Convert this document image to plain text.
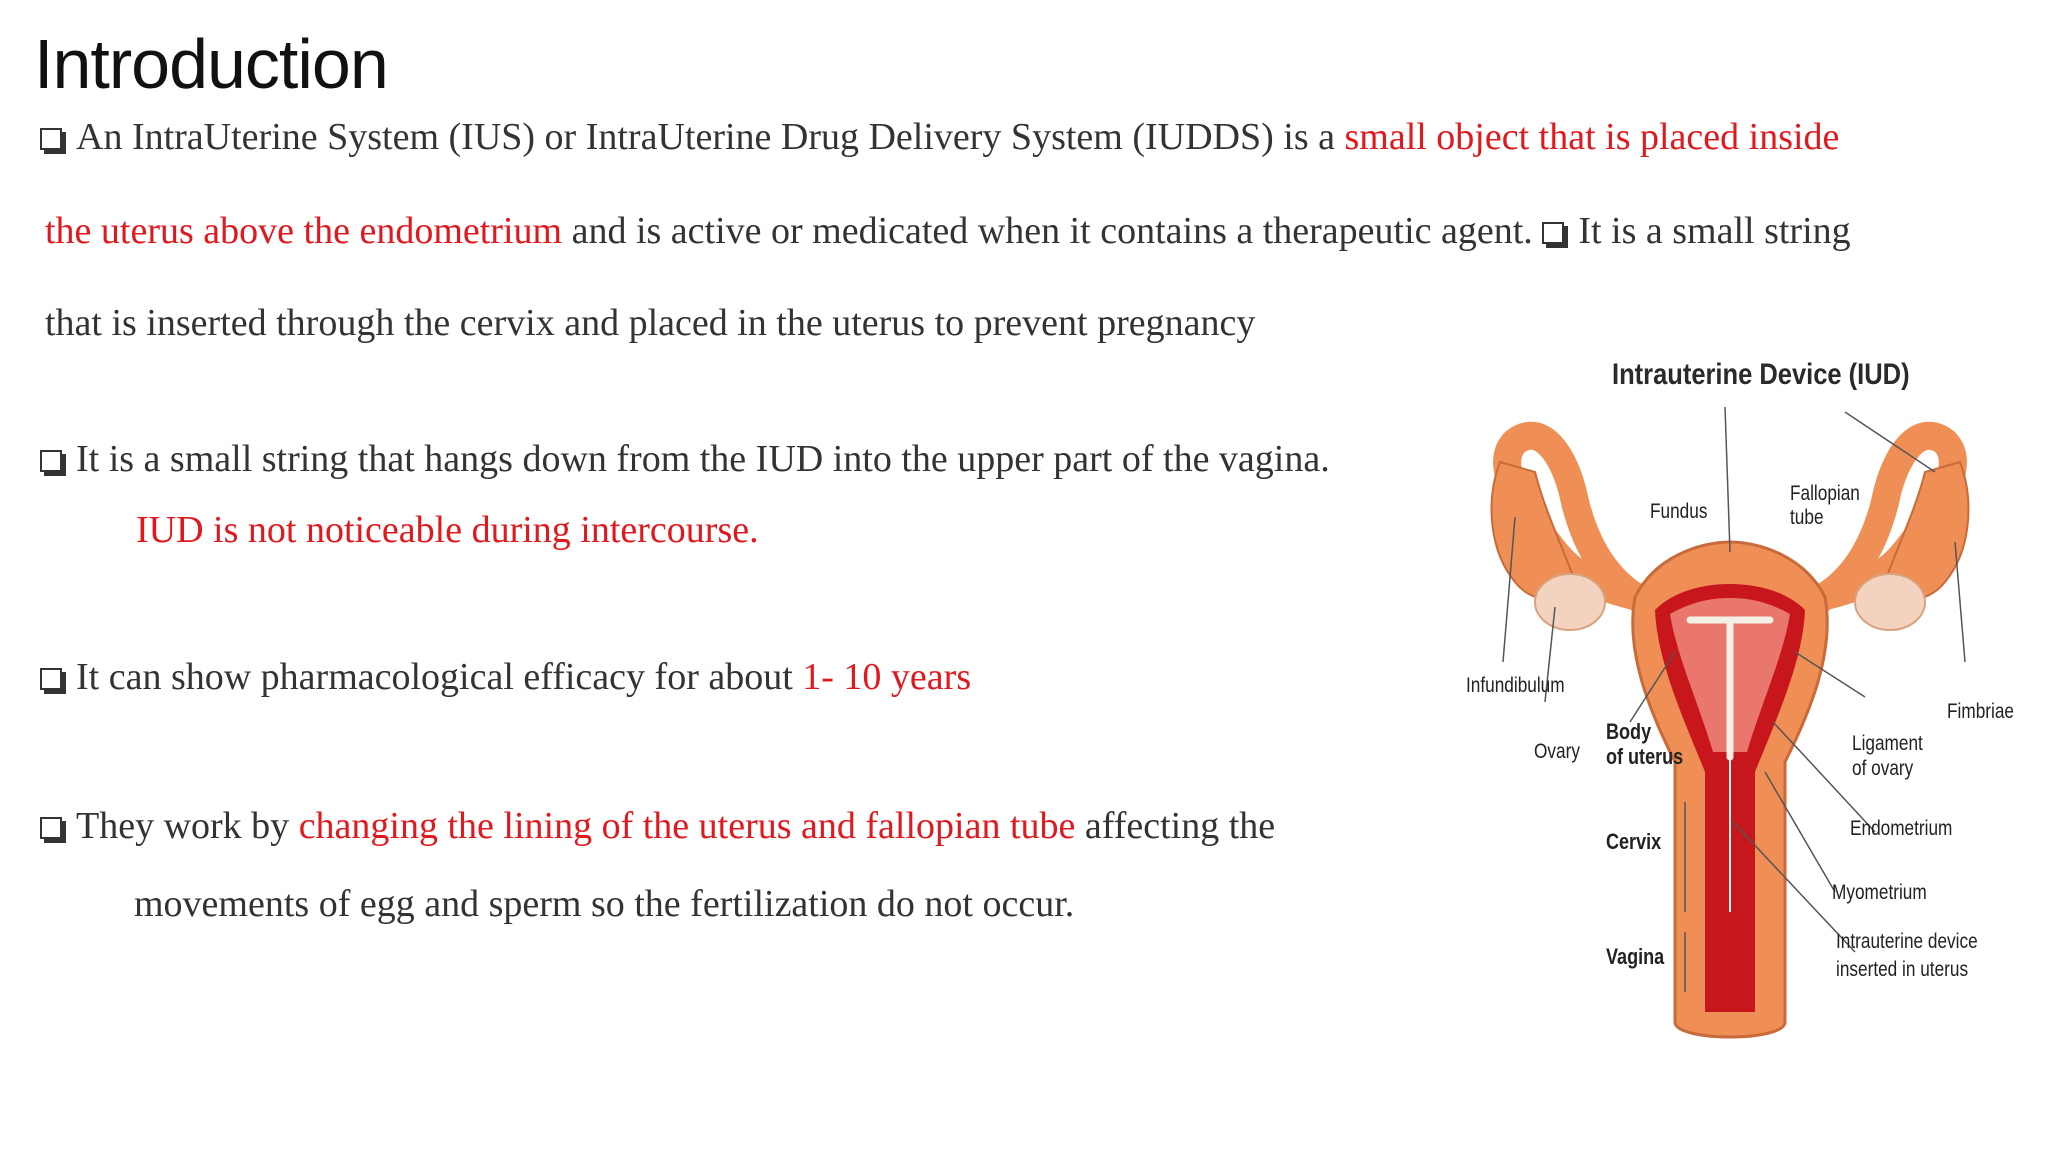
Introduction
An IntraUterine System (IUS) or IntraUterine Drug Delivery System (IUDDS) is a small object that is placed inside
the uterus above the endometrium and is active or medicated when it contains a therapeutic agent. It is a small string
that is inserted through the cervix and placed in the uterus to prevent pregnancy
It is a small string that hangs down from the IUD into the upper part of the vagina.
IUD is not noticeable during intercourse.
It can show pharmacological efficacy for about 1- 10 years
They work by changing the lining of the uterus and fallopian tube affecting the
movements of egg and sperm so the fertilization do not occur.
Intrauterine Device (IUD)
Fundus
Fallopian
tube
Infundibulum
Fimbriae
Ovary
Body
of uterus
Ligament
of ovary
Cervix
Endometrium
Myometrium
Vagina
Intrauterine device
inserted in uterus
